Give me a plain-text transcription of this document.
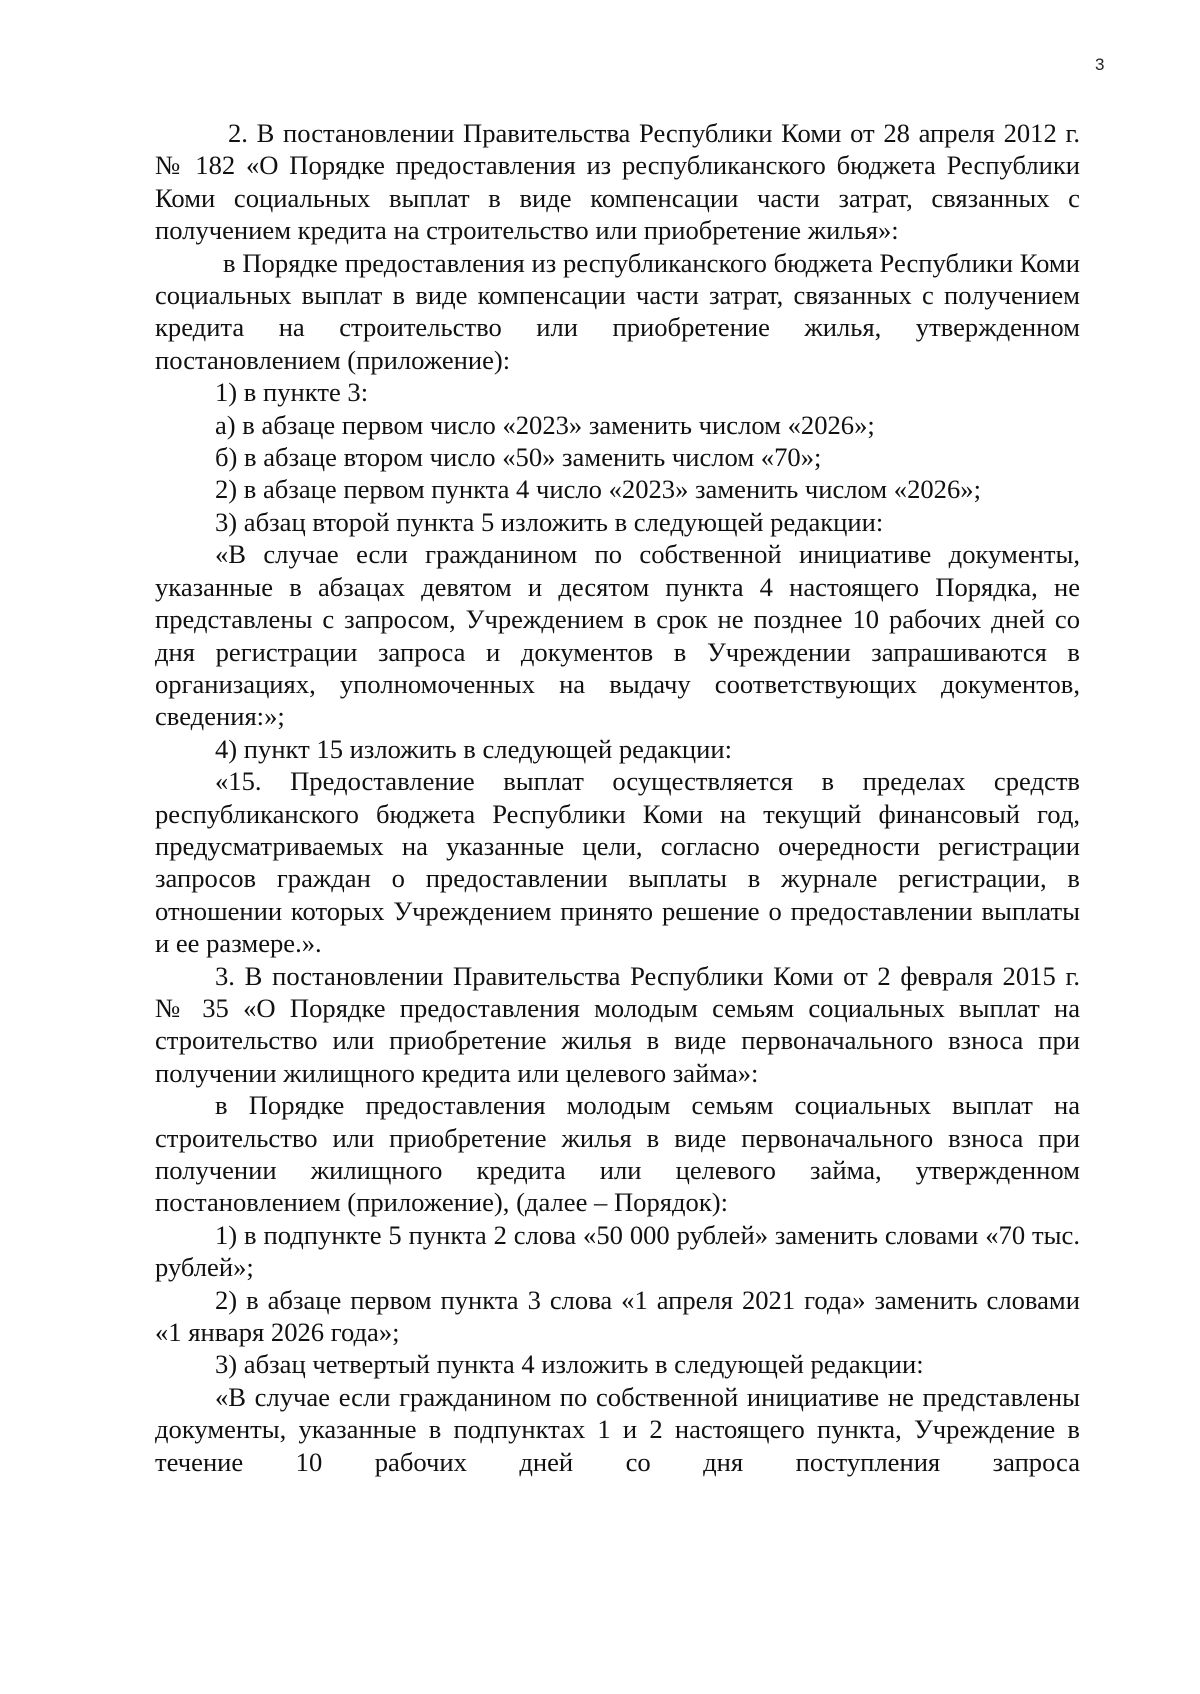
3

2. В постановлении Правительства Республики Коми от 28 апреля 2012 г. № 182 «О Порядке предоставления из республиканского бюджета Республики Коми социальных выплат в виде компенсации части затрат, связанных с получением кредита на строительство или приобретение жилья»:

в Порядке предоставления из республиканского бюджета Республики Коми социальных выплат в виде компенсации части затрат, связанных с получением кредита на строительство или приобретение жилья, утвержденном постановлением (приложение):

1) в пункте 3:

а) в абзаце первом число «2023» заменить числом «2026»;

б) в абзаце втором число «50» заменить числом «70»;

2) в абзаце первом пункта 4 число «2023» заменить числом «2026»;

3) абзац второй пункта 5 изложить в следующей редакции:

«В случае если гражданином по собственной инициативе документы, указанные в абзацах девятом и десятом пункта 4 настоящего Порядка, не представлены с запросом, Учреждением в срок не позднее 10 рабочих дней со дня регистрации запроса и документов в Учреждении запрашиваются в организациях, уполномоченных на выдачу соответствующих документов, сведения:»;

4) пункт 15 изложить в следующей редакции:

«15. Предоставление выплат осуществляется в пределах средств республиканского бюджета Республики Коми на текущий финансовый год, предусматриваемых на указанные цели, согласно очередности регистрации запросов граждан о предоставлении выплаты в журнале регистрации, в отношении которых Учреждением принято решение о предоставлении выплаты и ее размере.».

3. В постановлении Правительства Республики Коми от 2 февраля 2015 г. № 35 «О Порядке предоставления молодым семьям социальных выплат на строительство или приобретение жилья в виде первоначального взноса при получении жилищного кредита или целевого займа»:

в Порядке предоставления молодым семьям социальных выплат на строительство или приобретение жилья в виде первоначального взноса при получении жилищного кредита или целевого займа, утвержденном постановлением (приложение), (далее – Порядок):

1) в подпункте 5 пункта 2 слова «50 000 рублей» заменить словами «70 тыс. рублей»;

2) в абзаце первом пункта 3 слова «1 апреля 2021 года» заменить словами «1 января 2026 года»;

3) абзац четвертый пункта 4 изложить в следующей редакции:

«В случае если гражданином по собственной инициативе не представлены документы, указанные в подпунктах 1 и 2 настоящего пункта, Учреждение в течение 10 рабочих дней со дня поступления запроса
